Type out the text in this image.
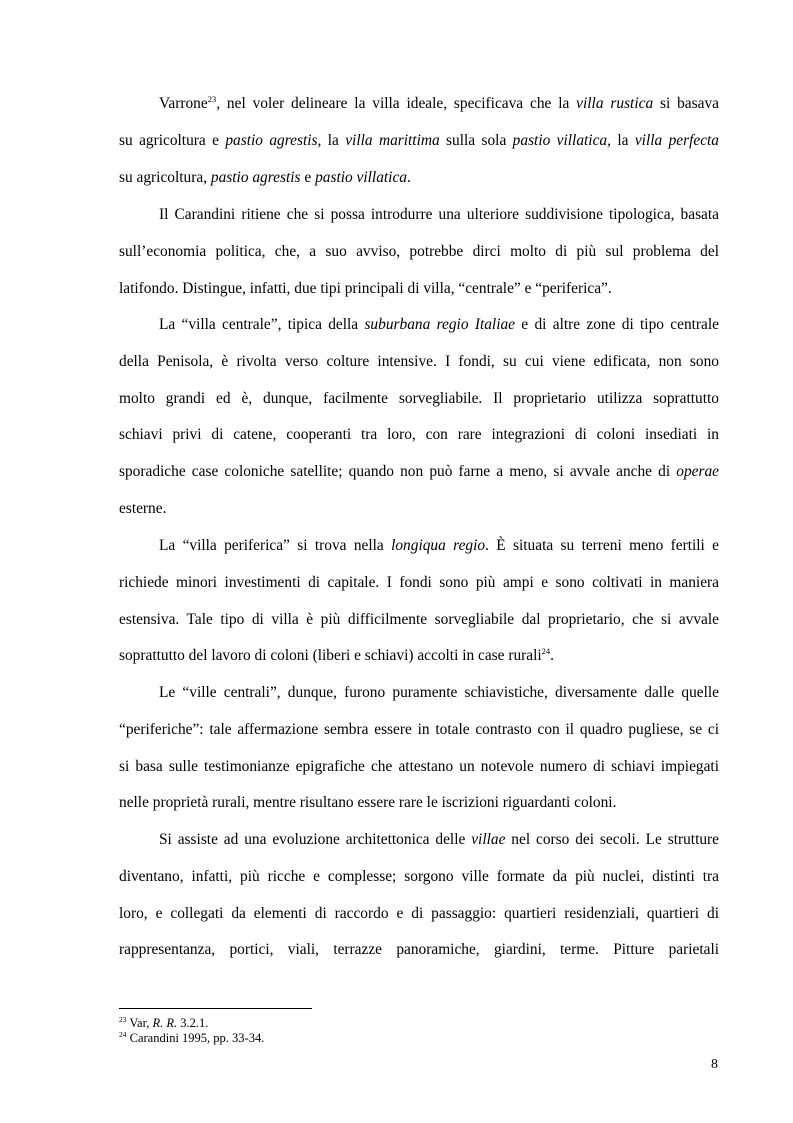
Varrone$^{23}$, nel voler delineare la villa ideale, specificava che la villa rustica si basava
su agricoltura e pastio agrestis, la villa marittima sulla sola pastio villatica, la villa perfecta
su agricoltura, pastio agrestis e pastio villatica.
Il Carandini ritiene che si possa introdurre una ulteriore suddivisione tipologica, basata
sull’economia politica, che, a suo avviso, potrebbe dirci molto di più sul problema del
latifondo. Distingue, infatti, due tipi principali di villa, “centrale” e “periferica”.
La “villa centrale”, tipica della suburbana regio Italiae e di altre zone di tipo centrale
della Penisola, è rivolta verso colture intensive. I fondi, su cui viene edificata, non sono
molto grandi ed è, dunque, facilmente sorvegliabile. Il proprietario utilizza soprattutto
schiavi privi di catene, cooperanti tra loro, con rare integrazioni di coloni insediati in
sporadiche case coloniche satellite; quando non può farne a meno, si avvale anche di operae
esterne.
La “villa periferica” si trova nella longiqua regio. È situata su terreni meno fertili e
richiede minori investimenti di capitale. I fondi sono più ampi e sono coltivati in maniera
estensiva. Tale tipo di villa è più difficilmente sorvegliabile dal proprietario, che si avvale
soprattutto del lavoro di coloni (liberi e schiavi) accolti in case rurali$^{24}$.
Le “ville centrali”, dunque, furono puramente schiavistiche, diversamente dalle quelle
“periferiche”: tale affermazione sembra essere in totale contrasto con il quadro pugliese, se ci
si basa sulle testimonianze epigrafiche che attestano un notevole numero di schiavi impiegati
nelle proprietà rurali, mentre risultano essere rare le iscrizioni riguardanti coloni.
Si assiste ad una evoluzione architettonica delle villae nel corso dei secoli. Le strutture
diventano, infatti, più ricche e complesse; sorgono ville formate da più nuclei, distinti tra
loro, e collegati da elementi di raccordo e di passaggio: quartieri residenziali, quartieri di
rappresentanza, portici, viali, terrazze panoramiche, giardini, terme. Pitture parietali

$^{23}$ Var, R. R. 3.2.1.

$^{24}$ Carandini 1995, pp. 33-34.

8
